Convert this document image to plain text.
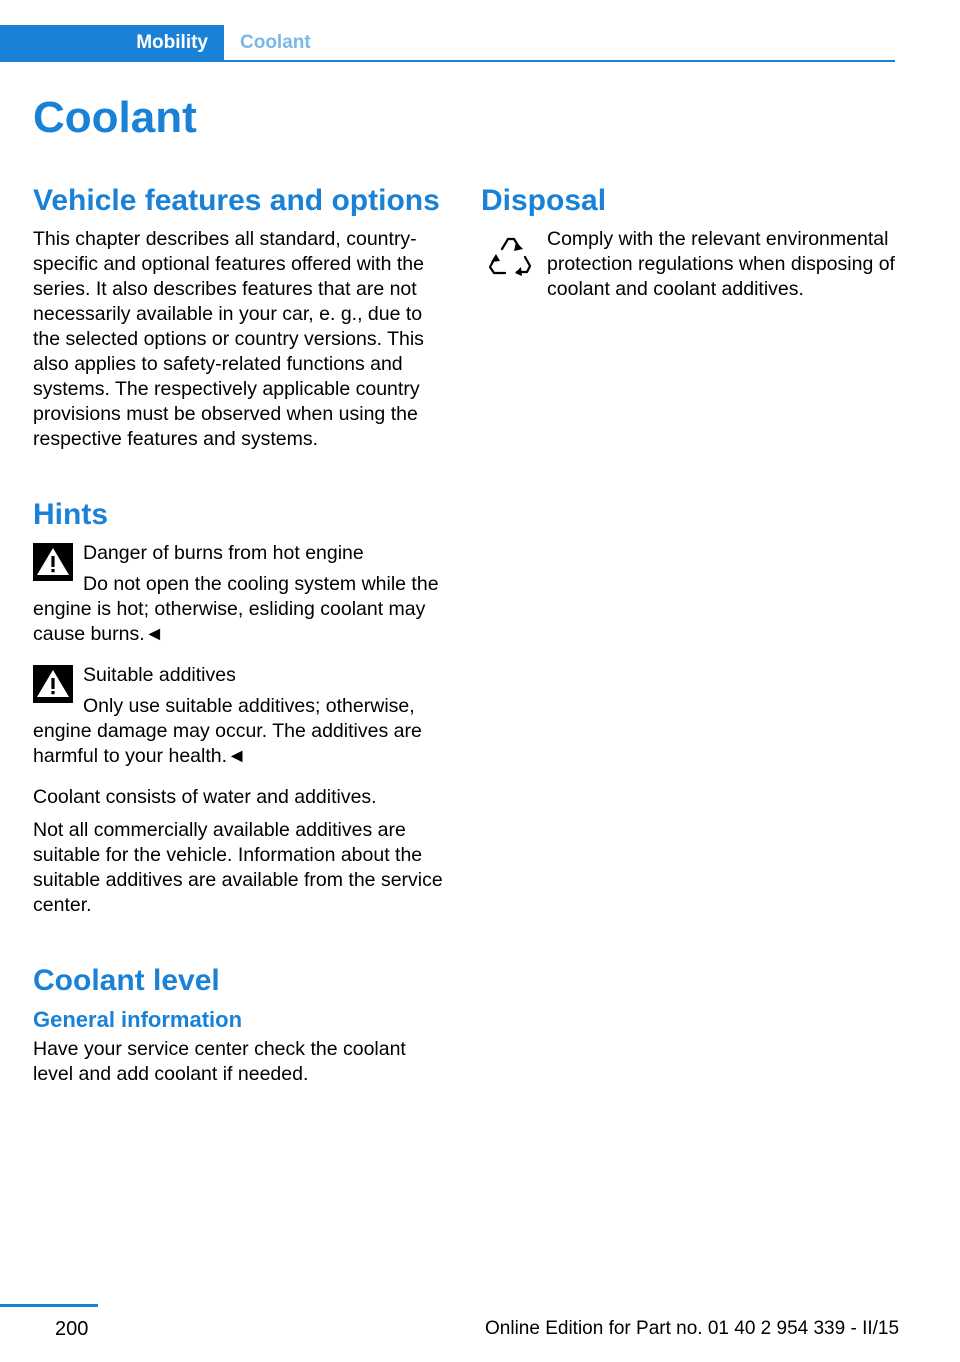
Mobility	Coolant
Coolant
Vehicle features and options

This chapter describes all standard, country-specific and optional features offered with the series. It also describes features that are not necessarily available in your car, e. g., due to the selected options or country versions. This also applies to safety-related functions and systems. The respectively applicable country provisions must be observed when using the respective features and systems.

Hints

Danger of burns from hot engine

Do not open the cooling system while the engine is hot; otherwise, esliding coolant may cause burns.◄

Suitable additives

Only use suitable additives; otherwise, engine damage may occur. The additives are harmful to your health.◄

Coolant consists of water and additives.

Not all commercially available additives are suitable for the vehicle. Information about the suitable additives are available from the service center.

Coolant level
General information

Have your service center check the coolant level and add coolant if needed.

Disposal

Comply with the relevant environmental protection regulations when disposing of coolant and coolant additives.

200	Online Edition for Part no. 01 40 2 954 339 - II/15
